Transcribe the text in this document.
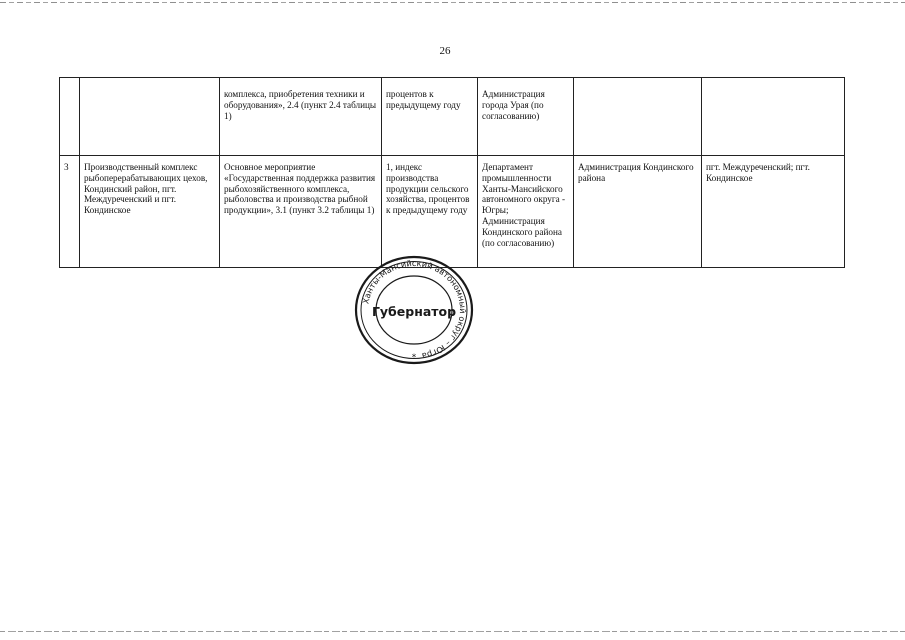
26
		комплекса, приобретения техники и оборудования», 2.4 (пункт 2.4 таблицы 1)	процентов к предыдущему году	Администрация города Урая (по согласованию)		
3	Производственный комплекс рыбоперерабатывающих цехов, Кондинский район, пгт. Междуреченский и пгт. Кондинское	Основное мероприятие «Государственная поддержка развития рыбохозяйственного комплекса, рыболовства и производства рыбной продукции», 3.1 (пункт 3.2 таблицы 1)	1, индекс производства продукции сельского хозяйства, процентов к предыдущему году	Департамент промышленности Ханты-Мансийского автономного округа - Югры; Администрация Кондинского района (по согласованию)	Администрация Кондинского района	пгт. Междуреченский; пгт. Кондинское
Ханты-Мансийский автономный округ – Югра
Губернатор
*
